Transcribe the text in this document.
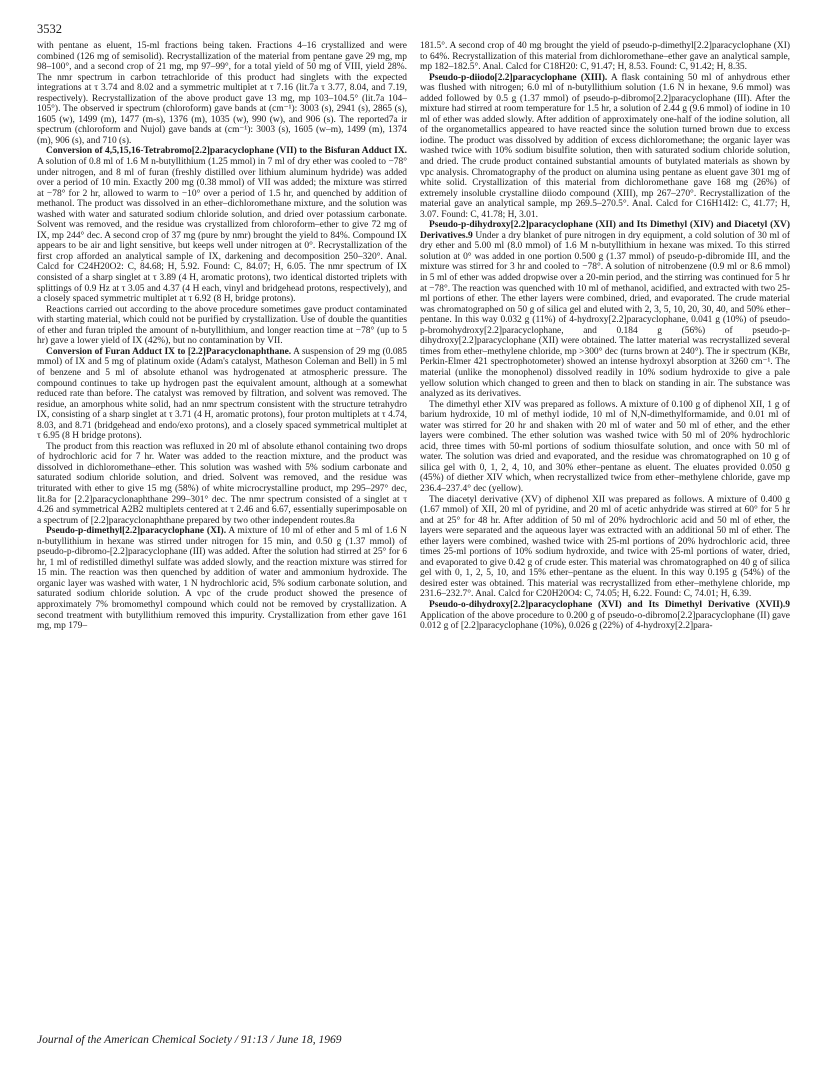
3532

with pentane as eluent, 15-ml fractions being taken. Fractions 4–16 crystallized and were combined (126 mg of semisolid). Recrystallization of the material from pentane gave 29 mg, mp 98–100°, and a second crop of 21 mg, mp 97–99°, for a total yield of 50 mg of VIII, yield 28%. The nmr spectrum in carbon tetrachloride of this product had singlets with the expected integrations at τ 3.74 and 8.02 and a symmetric multiplet at τ 7.16 (lit.7a τ 3.77, 8.04, and 7.19, respectively). Recrystallization of the above product gave 13 mg, mp 103–104.5° (lit.7a 104–105°). The observed ir spectrum (chloroform) gave bands at (cm⁻¹): 3003 (s), 2941 (s), 2865 (s), 1605 (w), 1499 (m), 1477 (m-s), 1376 (m), 1035 (w), 990 (w), and 906 (s). The reported7a ir spectrum (chloroform and Nujol) gave bands at (cm⁻¹): 3003 (s), 1605 (w–m), 1499 (m), 1374 (m), 906 (s), and 710 (s).

Conversion of 4,5,15,16-Tetrabromo[2.2]paracyclophane (VII) to the Bisfuran Adduct IX. A solution of 0.8 ml of 1.6 M n-butyllithium (1.25 mmol) in 7 ml of dry ether was cooled to −78° under nitrogen, and 8 ml of furan (freshly distilled over lithium aluminum hydride) was added over a period of 10 min. Exactly 200 mg (0.38 mmol) of VII was added; the mixture was stirred at −78° for 2 hr, allowed to warm to −10° over a period of 1.5 hr, and quenched by addition of methanol. The product was dissolved in an ether–dichloromethane mixture, and the solution was washed with water and saturated sodium chloride solution, and dried over potassium carbonate. Solvent was removed, and the residue was crystallized from chloroform–ether to give 72 mg of IX, mp 244° dec. A second crop of 37 mg (pure by nmr) brought the yield to 84%. Compound IX appears to be air and light sensitive, but keeps well under nitrogen at 0°. Recrystallization of the first crop afforded an analytical sample of IX, darkening and decomposition 250–320°. Anal. Calcd for C24H20O2: C, 84.68; H, 5.92. Found: C, 84.07; H, 6.05. The nmr spectrum of IX consisted of a sharp singlet at τ 3.89 (4 H, aromatic protons), two identical distorted triplets with splittings of 0.9 Hz at τ 3.05 and 4.37 (4 H each, vinyl and bridgehead protons, respectively), and a closely spaced symmetric multiplet at τ 6.92 (8 H, bridge protons).

Reactions carried out according to the above procedure sometimes gave product contaminated with starting material, which could not be purified by crystallization. Use of double the quantities of ether and furan tripled the amount of n-butyllithium, and longer reaction time at −78° (up to 5 hr) gave a lower yield of IX (42%), but no contamination by VII.

Conversion of Furan Adduct IX to [2.2]Paracyclonaphthane. A suspension of 29 mg (0.085 mmol) of IX and 5 mg of platinum oxide (Adam's catalyst, Matheson Coleman and Bell) in 5 ml of benzene and 5 ml of absolute ethanol was hydrogenated at atmospheric pressure. The compound continues to take up hydrogen past the equivalent amount, although at a somewhat reduced rate than before. The catalyst was removed by filtration, and solvent was removed. The residue, an amorphous white solid, had an nmr spectrum consistent with the structure tetrahydro IX, consisting of a sharp singlet at τ 3.71 (4 H, aromatic protons), four proton multiplets at τ 4.74, 8.03, and 8.71 (bridgehead and endo/exo protons), and a closely spaced symmetrical multiplet at τ 6.95 (8 H bridge protons).

The product from this reaction was refluxed in 20 ml of absolute ethanol containing two drops of hydrochloric acid for 7 hr. Water was added to the reaction mixture, and the product was dissolved in dichloromethane–ether. This solution was washed with 5% sodium carbonate and saturated sodium chloride solution, and dried. Solvent was removed, and the residue was triturated with ether to give 15 mg (58%) of white microcrystalline product, mp 295–297° dec, lit.8a for [2.2]paracyclonaphthane 299–301° dec. The nmr spectrum consisted of a singlet at τ 4.26 and symmetrical A2B2 multiplets centered at τ 2.46 and 6.67, essentially superimposable on a spectrum of [2.2]paracyclonaphthane prepared by two other independent routes.8a

Pseudo-p-dimethyl[2.2]paracyclophane (XI). A mixture of 10 ml of ether and 5 ml of 1.6 N n-butyllithium in hexane was stirred under nitrogen for 15 min, and 0.50 g (1.37 mmol) of pseudo-p-dibromo-[2.2]paracyclophane (III) was added. After the solution had stirred at 25° for 6 hr, 1 ml of redistilled dimethyl sulfate was added slowly, and the reaction mixture was stirred for 15 min. The reaction was then quenched by addition of water and ammonium hydroxide. The organic layer was washed with water, 1 N hydrochloric acid, 5% sodium carbonate solution, and saturated sodium chloride solution. A vpc of the crude product showed the presence of approximately 7% bromomethyl compound which could not be removed by crystallization. A second treatment with butyllithium removed this impurity. Crystallization from ether gave 161 mg, mp 179–

181.5°. A second crop of 40 mg brought the yield of pseudo-p-dimethyl[2.2]paracyclophane (XI) to 64%. Recrystallization of this material from dichloromethane–ether gave an analytical sample, mp 182–182.5°. Anal. Calcd for C18H20: C, 91.47; H, 8.53. Found: C, 91.42; H, 8.35.

Pseudo-p-diiodo[2.2]paracyclophane (XIII). A flask containing 50 ml of anhydrous ether was flushed with nitrogen; 6.0 ml of n-butyllithium solution (1.6 N in hexane, 9.6 mmol) was added followed by 0.5 g (1.37 mmol) of pseudo-p-dibromo[2.2]paracyclophane (III). After the mixture had stirred at room temperature for 1.5 hr, a solution of 2.44 g (9.6 mmol) of iodine in 10 ml of ether was added slowly. After addition of approximately one-half of the iodine solution, all of the organometallics appeared to have reacted since the solution turned brown due to excess iodine. The product was dissolved by addition of excess dichloromethane; the organic layer was washed twice with 10% sodium bisulfite solution, then with saturated sodium chloride solution, and dried. The crude product contained substantial amounts of butylated materials as shown by vpc analysis. Chromatography of the product on alumina using pentane as eluent gave 301 mg of white solid. Crystallization of this material from dichloromethane gave 168 mg (26%) of extremely insoluble crystalline diiodo compound (XIII), mp 267–270°. Recrystallization of the material gave an analytical sample, mp 269.5–270.5°. Anal. Calcd for C16H14I2: C, 41.77; H, 3.07. Found: C, 41.78; H, 3.01.

Pseudo-p-dihydroxy[2.2]paracyclophane (XII) and Its Dimethyl (XIV) and Diacetyl (XV) Derivatives.9 Under a dry blanket of pure nitrogen in dry equipment, a cold solution of 30 ml of dry ether and 5.00 ml (8.0 mmol) of 1.6 M n-butyllithium in hexane was mixed. To this stirred solution at 0° was added in one portion 0.500 g (1.37 mmol) of pseudo-p-dibromide III, and the mixture was stirred for 3 hr and cooled to −78°. A solution of nitrobenzene (0.9 ml or 8.6 mmol) in 5 ml of ether was added dropwise over a 20-min period, and the stirring was continued for 5 hr at −78°. The reaction was quenched with 10 ml of methanol, acidified, and extracted with two 25-ml portions of ether. The ether layers were combined, dried, and evaporated. The crude material was chromatographed on 50 g of silica gel and eluted with 2, 3, 5, 10, 20, 30, 40, and 50% ether–pentane. In this way 0.032 g (11%) of 4-hydroxy[2.2]paracyclophane, 0.041 g (10%) of pseudo-p-bromohydroxy[2.2]paracyclophane, and 0.184 g (56%) of pseudo-p-dihydroxy[2.2]paracyclophane (XII) were obtained. The latter material was recrystallized several times from ether–methylene chloride, mp >300° dec (turns brown at 240°). The ir spectrum (KBr, Perkin-Elmer 421 spectrophotometer) showed an intense hydroxyl absorption at 3260 cm⁻¹. The material (unlike the monophenol) dissolved readily in 10% sodium hydroxide to give a pale yellow solution which changed to green and then to black on standing in air. The substance was analyzed as its derivatives.

The dimethyl ether XIV was prepared as follows. A mixture of 0.100 g of diphenol XII, 1 g of barium hydroxide, 10 ml of methyl iodide, 10 ml of N,N-dimethylformamide, and 0.01 ml of water was stirred for 20 hr and shaken with 20 ml of water and 50 ml of ether, and the ether layers were combined. The ether solution was washed twice with 50 ml of 20% hydrochloric acid, three times with 50-ml portions of sodium thiosulfate solution, and once with 50 ml of water. The solution was dried and evaporated, and the residue was chromatographed on 10 g of silica gel with 0, 1, 2, 4, 10, and 30% ether–pentane as eluent. The eluates provided 0.050 g (45%) of diether XIV which, when recrystallized twice from ether–methylene chloride, gave mp 236.4–237.4° dec (yellow).

The diacetyl derivative (XV) of diphenol XII was prepared as follows. A mixture of 0.400 g (1.67 mmol) of XII, 20 ml of pyridine, and 20 ml of acetic anhydride was stirred at 60° for 5 hr and at 25° for 48 hr. After addition of 50 ml of 20% hydrochloric acid and 50 ml of ether, the layers were separated and the aqueous layer was extracted with an additional 50 ml of ether. The ether layers were combined, washed twice with 25-ml portions of 20% hydrochloric acid, three times 25-ml portions of 10% sodium hydroxide, and twice with 25-ml portions of water, dried, and evaporated to give 0.42 g of crude ester. This material was chromatographed on 40 g of silica gel with 0, 1, 2, 5, 10, and 15% ether–pentane as the eluent. In this way 0.195 g (54%) of the desired ester was obtained. This material was recrystallized from ether–methylene chloride, mp 231.6–232.7°. Anal. Calcd for C20H20O4: C, 74.05; H, 6.22. Found: C, 74.01; H, 6.39.

Pseudo-o-dihydroxy[2.2]paracyclophane (XVI) and Its Dimethyl Derivative (XVII).9 Application of the above procedure to 0.200 g of pseudo-o-dibromo[2.2]paracyclophane (II) gave 0.012 g of [2.2]paracyclophane (10%), 0.026 g (22%) of 4-hydroxy[2.2]para-

Journal of the American Chemical Society / 91:13 / June 18, 1969
